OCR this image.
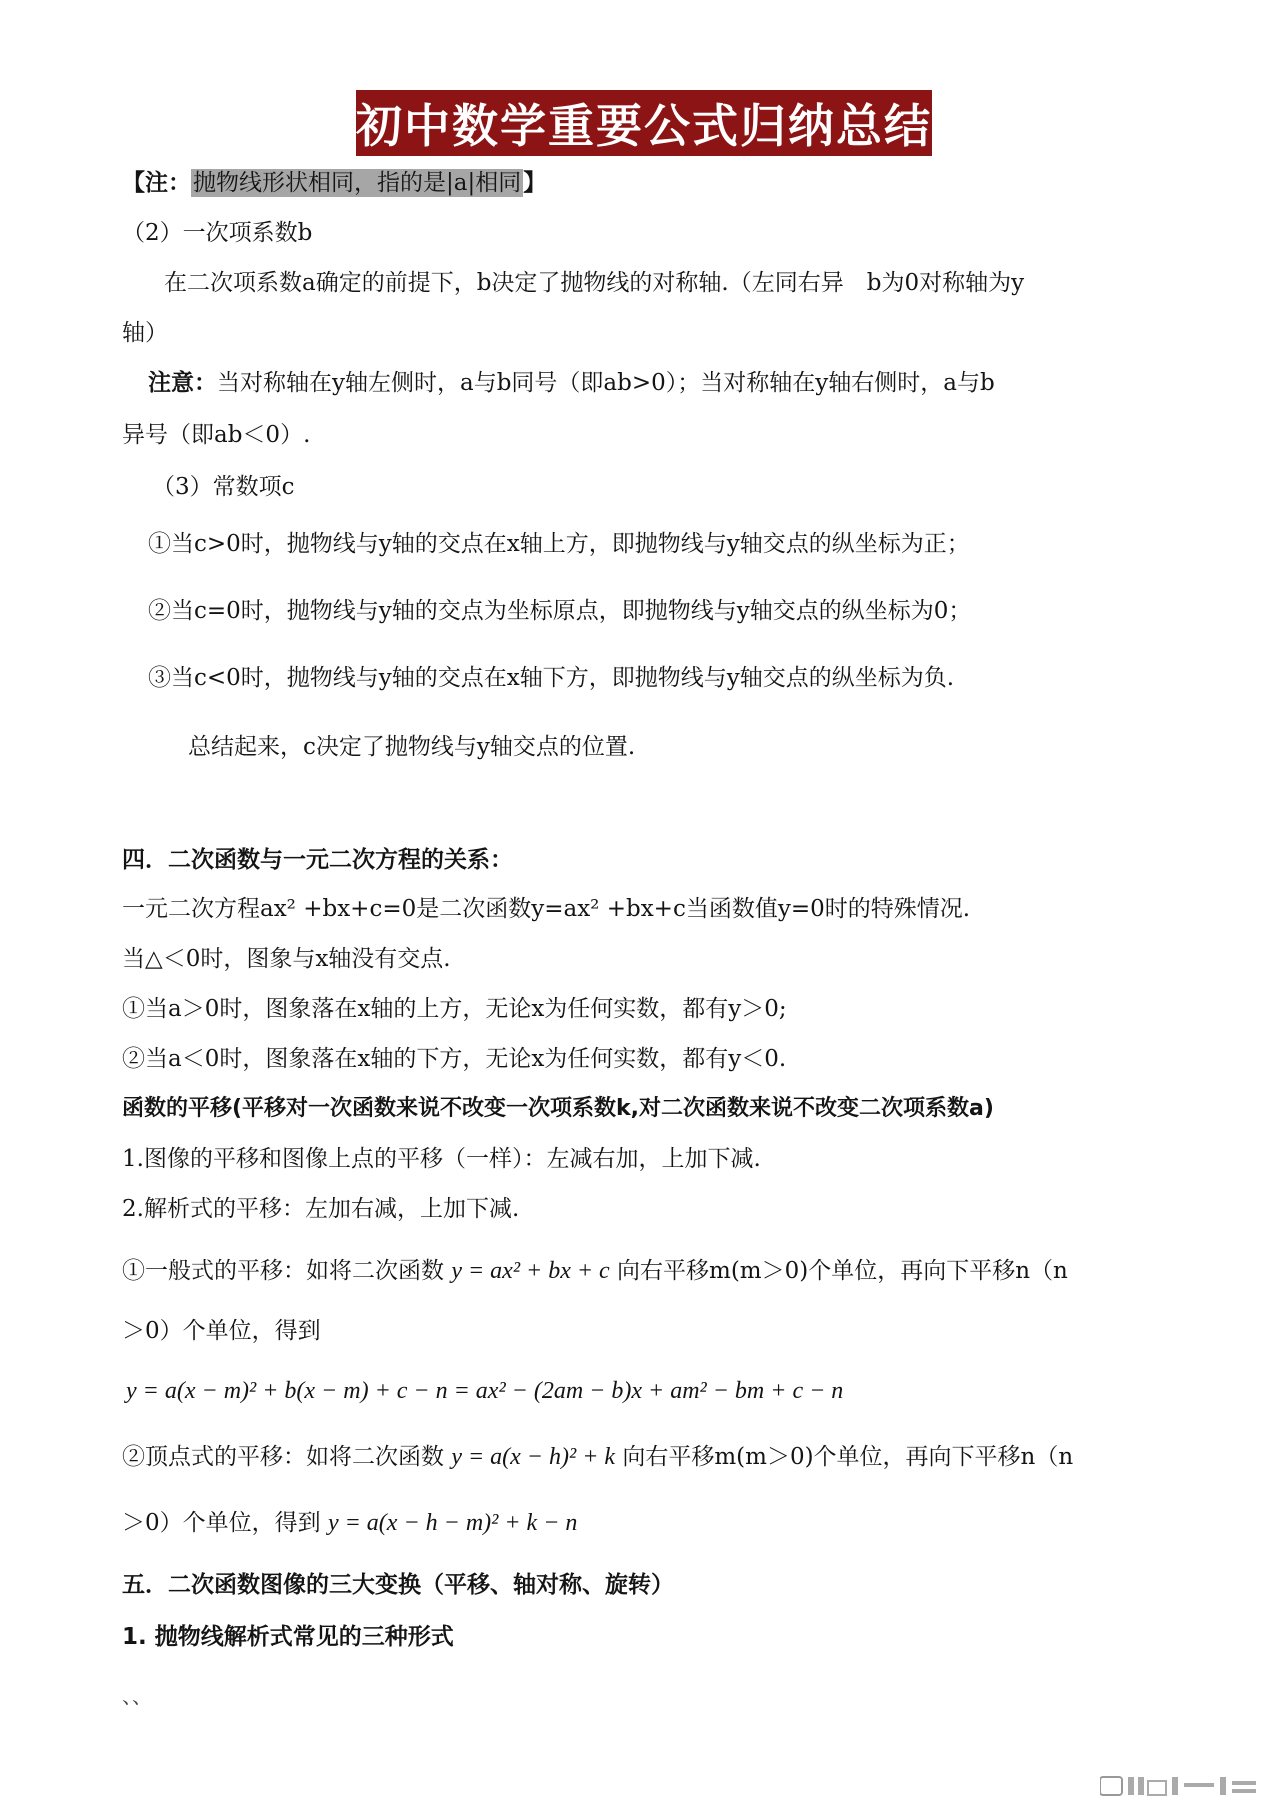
初中数学重要公式归纳总结
【注：抛物线形状相同，指的是|a|相同】
（2）一次项系数b
在二次项系数a确定的前提下，b决定了抛物线的对称轴.（左同右异　b为0对称轴为y
轴）
注意：当对称轴在y轴左侧时，a与b同号（即ab>0）；当对称轴在y轴右侧时，a与b
异号（即ab＜0）.
（3）常数项c
①当c>0时，抛物线与y轴的交点在x轴上方，即抛物线与y轴交点的纵坐标为正；
②当c=0时，抛物线与y轴的交点为坐标原点，即抛物线与y轴交点的纵坐标为0；
③当c<0时，抛物线与y轴的交点在x轴下方，即抛物线与y轴交点的纵坐标为负.
总结起来，c决定了抛物线与y轴交点的位置.
四．二次函数与一元二次方程的关系：
一元二次方程ax² +bx+c=0是二次函数y=ax² +bx+c当函数值y=0时的特殊情况.
当△＜0时，图象与x轴没有交点.
①当a＞0时，图象落在x轴的上方，无论x为任何实数，都有y＞0;
②当a＜0时，图象落在x轴的下方，无论x为任何实数，都有y＜0.
函数的平移(平移对一次函数来说不改变一次项系数k,对二次函数来说不改变二次项系数a)
1.图像的平移和图像上点的平移（一样）：左减右加，上加下减.
2.解析式的平移：左加右减，上加下减.
①一般式的平移：如将二次函数 y = ax² + bx + c 向右平移m(m＞0)个单位，再向下平移n（n
＞0）个单位，得到
y = a(x − m)² + b(x − m) + c − n = ax² − (2am − b)x + am² − bm + c − n
②顶点式的平移：如将二次函数 y = a(x − h)² + k 向右平移m(m＞0)个单位，再向下平移n（n
＞0）个单位，得到 y = a(x − h − m)² + k − n
五．二次函数图像的三大变换（平移、轴对称、旋转）
1. 抛物线解析式常见的三种形式
、、
